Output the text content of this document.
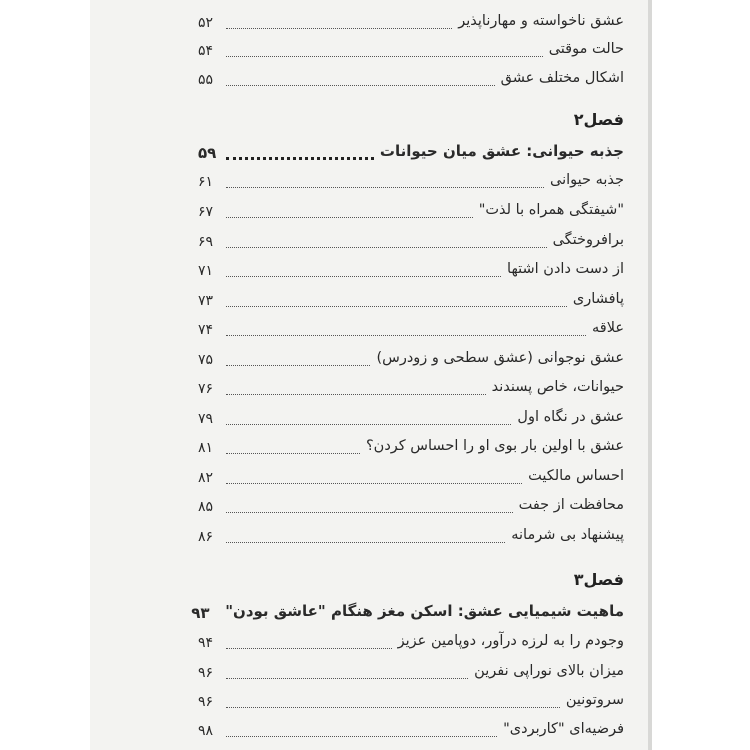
عشق ناخواسته و مهارناپذیر
۵۲
حالت موقتی
۵۴
اشکال مختلف عشق
۵۵
فصل۲
جذبه حیوانی: عشق میان حیوانات
۵۹
جذبه حیوانی
۶۱
"شیفتگی همراه با لذت"
۶۷
برافروختگی
۶۹
از دست دادن اشتها
۷۱
پافشاری
۷۳
علاقه
۷۴
عشق نوجوانی (عشق سطحی و زودرس)
۷۵
حیوانات، خاص پسندند
۷۶
عشق در نگاه اول
۷۹
عشق با اولین بار بوی او را احساس کردن؟
۸۱
احساس مالکیت
۸۲
محافظت از جفت
۸۵
پیشنهاد بی شرمانه
۸۶
فصل۳
ماهیت شیمیایی عشق: اسکن مغز هنگام "عاشق بودن"
۹۳
وجودم را به لرزه درآور، دوپامین عزیز
۹۴
میزان بالای نوراپی نفرین
۹۶
سروتونین
۹۶
فرضیه‌ای "کاربردی"
۹۸
